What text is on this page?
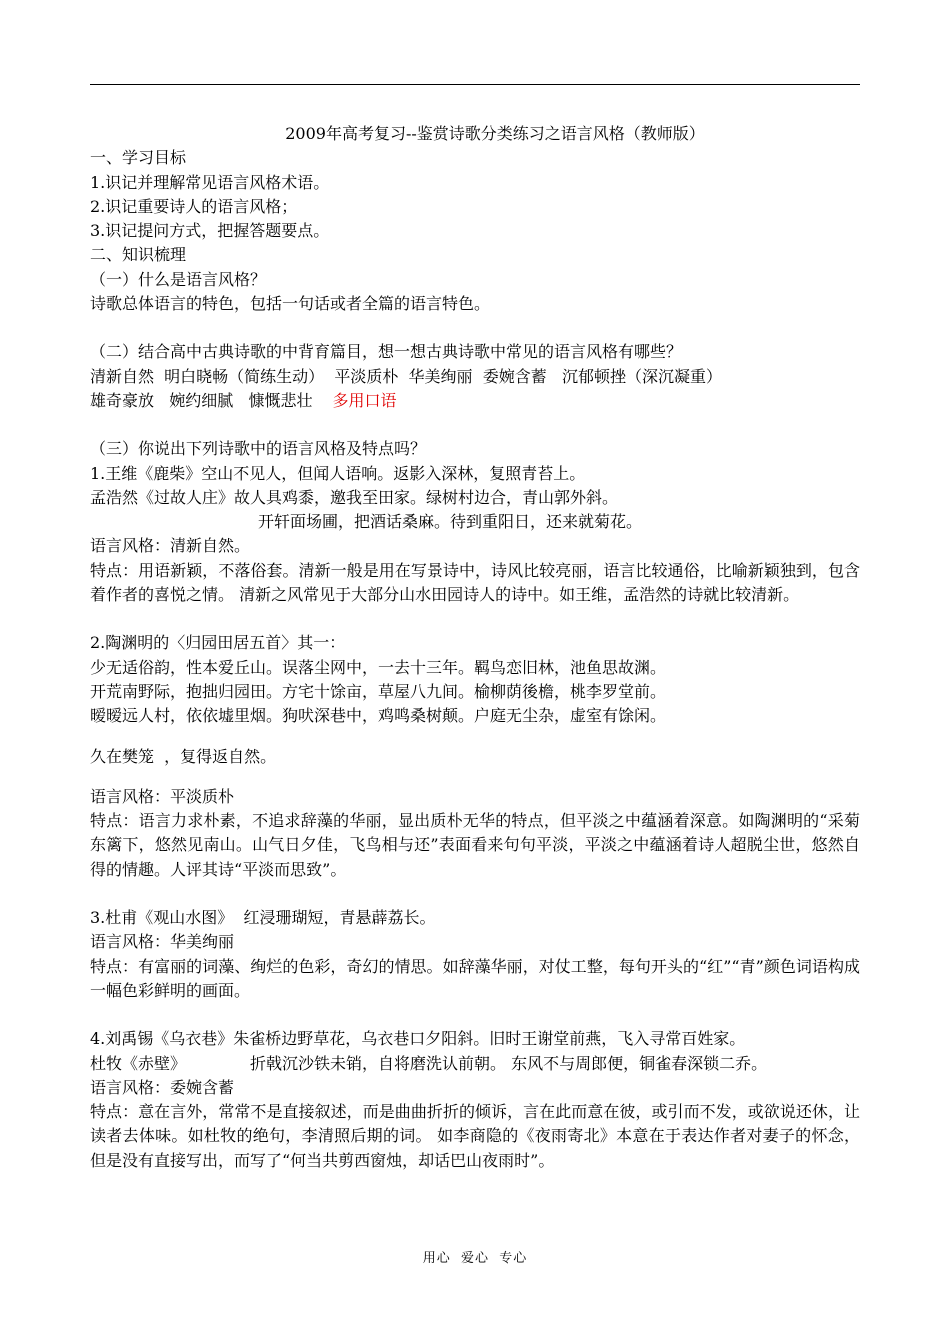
2009年高考复习--鉴赏诗歌分类练习之语言风格（教师版）
一、学习目标
1.识记并理解常见语言风格术语。
2.识记重要诗人的语言风格；
3.识记提问方式，把握答题要点。
二、知识梳理
（一）什么是语言风格？
诗歌总体语言的特色，包括一句话或者全篇的语言特色。
（二）结合高中古典诗歌的中背育篇目，想一想古典诗歌中常见的语言风格有哪些？
清新自然  明白晓畅（简练生动）  平淡质朴  华美绚丽  委婉含蓄   沉郁顿挫（深沉凝重）
雄奇豪放   婉约细腻   慷慨悲壮 多用口语
（三）你说出下列诗歌中的语言风格及特点吗？
1.王维《鹿柴》空山不见人，但闻人语响。返影入深林，复照青苔上。
孟浩然《过故人庄》故人具鸡黍，邀我至田家。绿树村边合，青山郭外斜。
开轩面场圃，把酒话桑麻。待到重阳日，还来就菊花。
语言风格：清新自然。
特点：用语新颖，不落俗套。清新一般是用在写景诗中，诗风比较亮丽，语言比较通俗，比喻新颖独到，包含着作者的喜悦之情。 清新之风常见于大部分山水田园诗人的诗中。如王维，孟浩然的诗就比较清新。
2.陶渊明的〈归园田居五首〉其一：
少无适俗韵，性本爱丘山。误落尘网中，一去十三年。羁鸟恋旧林，池鱼思故渊。
开荒南野际，抱拙归园田。方宅十馀亩，草屋八九间。榆柳荫後檐，桃李罗堂前。
暧暧远人村，依依墟里烟。狗吠深巷中，鸡鸣桑树颠。户庭无尘杂，虚室有馀闲。
久在樊笼  ，复得返自然。
语言风格：平淡质朴
特点：语言力求朴素，不追求辞藻的华丽，显出质朴无华的特点，但平淡之中蕴涵着深意。如陶渊明的“采菊东篱下，悠然见南山。山气日夕佳，飞鸟相与还”表面看来句句平淡，平淡之中蕴涵着诗人超脱尘世，悠然自得的情趣。人评其诗“平淡而思致”。
3.杜甫《观山水图》  红浸珊瑚短，青悬薜荔长。
语言风格：华美绚丽
特点：有富丽的词藻、绚烂的色彩，奇幻的情思。如辞藻华丽，对仗工整，每句开头的“红”“青”颜色词语构成一幅色彩鲜明的画面。
4.刘禹锡《乌衣巷》朱雀桥边野草花，乌衣巷口夕阳斜。旧时王谢堂前燕，飞入寻常百姓家。
杜牧《赤壁》	折戟沉沙铁未销，自将磨洗认前朝。 东风不与周郎便，铜雀春深锁二乔。
语言风格：委婉含蓄
特点：意在言外，常常不是直接叙述，而是曲曲折折的倾诉，言在此而意在彼，或引而不发，或欲说还休，让读者去体味。如杜牧的绝句，李清照后期的词。 如李商隐的《夜雨寄北》本意在于表达作者对妻子的怀念，但是没有直接写出，而写了“何当共剪西窗烛，却话巴山夜雨时”。
用心  爱心  专心
